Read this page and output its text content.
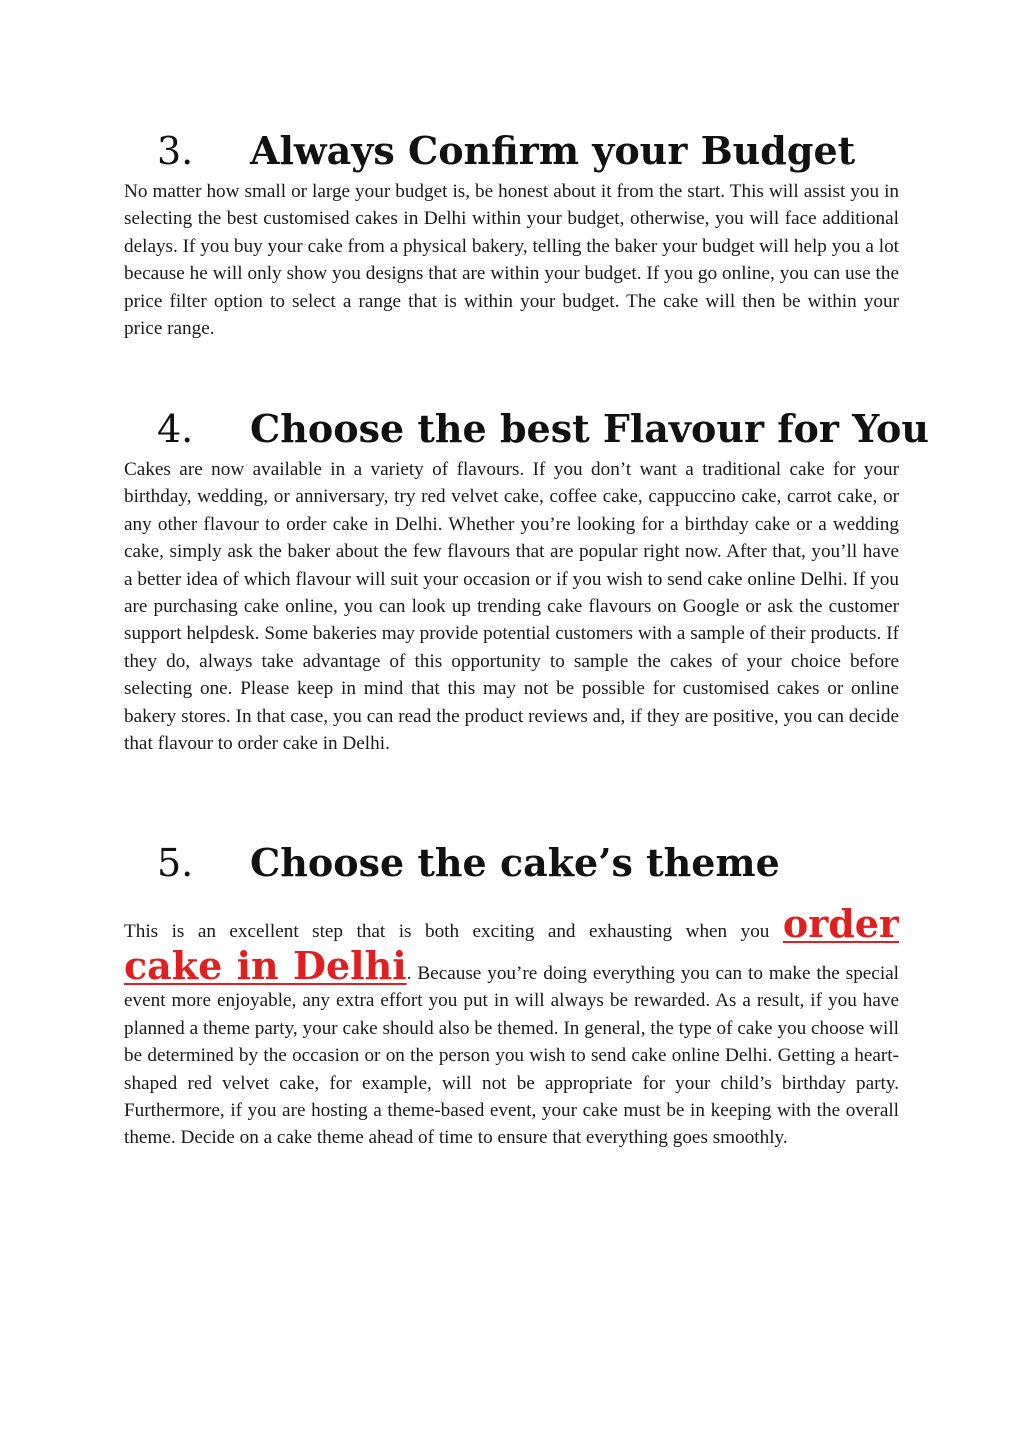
3. Always Confirm your Budget

No matter how small or large your budget is, be honest about it from the start. This will assist you in selecting the best customised cakes in Delhi within your budget, otherwise, you will face additional delays. If you buy your cake from a physical bakery, telling the baker your budget will help you a lot because he will only show you designs that are within your budget. If you go online, you can use the price filter option to select a range that is within your budget. The cake will then be within your price range.

4. Choose the best Flavour for You

Cakes are now available in a variety of flavours. If you don’t want a traditional cake for your birthday, wedding, or anniversary, try red velvet cake, coffee cake, cappuccino cake, carrot cake, or any other flavour to order cake in Delhi. Whether you’re looking for a birthday cake or a wedding cake, simply ask the baker about the few flavours that are popular right now. After that, you’ll have a better idea of which flavour will suit your occasion or if you wish to send cake online Delhi. If you are purchasing cake online, you can look up trending cake flavours on Google or ask the customer support helpdesk. Some bakeries may provide potential customers with a sample of their products. If they do, always take advantage of this opportunity to sample the cakes of your choice before selecting one. Please keep in mind that this may not be possible for customised cakes or online bakery stores. In that case, you can read the product reviews and, if they are positive, you can decide that flavour to order cake in Delhi.

5. Choose the cake’s theme

This is an excellent step that is both exciting and exhausting when you order
cake in Delhi. Because you’re doing everything you can to make the special event more enjoyable, any extra effort you put in will always be rewarded. As a result, if you have planned a theme party, your cake should also be themed. In general, the type of cake you choose will be determined by the occasion or on the person you wish to send cake online Delhi. Getting a heart-shaped red velvet cake, for example, will not be appropriate for your child’s birthday party. Furthermore, if you are hosting a theme-based event, your cake must be in keeping with the overall theme. Decide on a cake theme ahead of time to ensure that everything goes smoothly.
